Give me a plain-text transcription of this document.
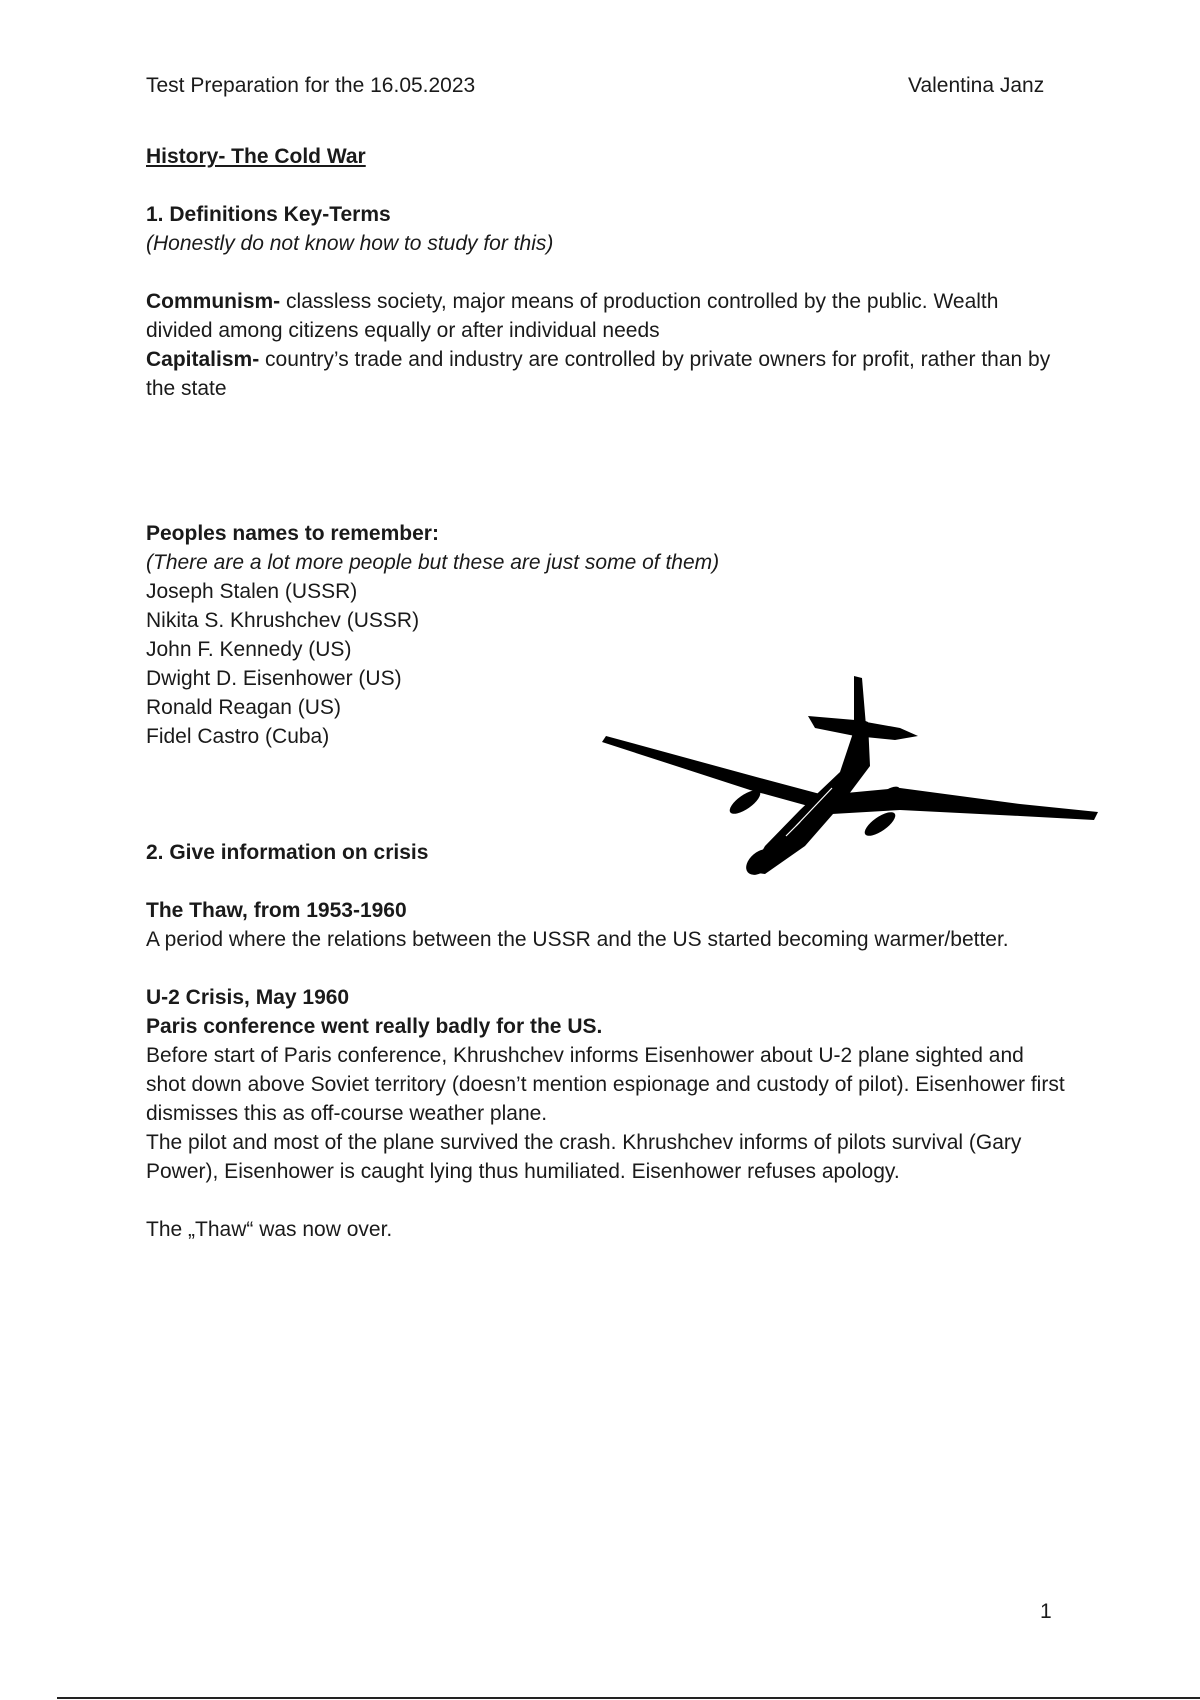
Test Preparation for the 16.05.2023	Valentina Janz

History- The Cold War

1. Definitions Key-Terms

(Honestly do not know how to study for this)

Communism- classless society, major means of production controlled by the public. Wealth divided among citizens equally or after individual needs

Capitalism- country’s trade and industry are controlled by private owners for profit, rather than by the state

Peoples names to remember:

(There are a lot more people but these are just some of them)

Joseph Stalen (USSR)

Nikita S. Khrushchev (USSR)

John F. Kennedy (US)

Dwight D. Eisenhower (US)

Ronald Reagan (US)

Fidel Castro (Cuba)

2. Give information on crisis

The Thaw, from 1953-1960

A period where the relations between the USSR and the US started becoming warmer/better.

U-2 Crisis, May 1960

Paris conference went really badly for the US.

Before start of Paris conference, Khrushchev informs Eisenhower about U-2 plane sighted and shot down above Soviet territory (doesn’t mention espionage and custody of pilot). Eisenhower first dismisses this as off-course weather plane.

The pilot and most of the plane survived the crash. Khrushchev informs of pilots survival (Gary Power), Eisenhower is caught lying thus humiliated. Eisenhower refuses apology.

The „Thaw“ was now over.

1
